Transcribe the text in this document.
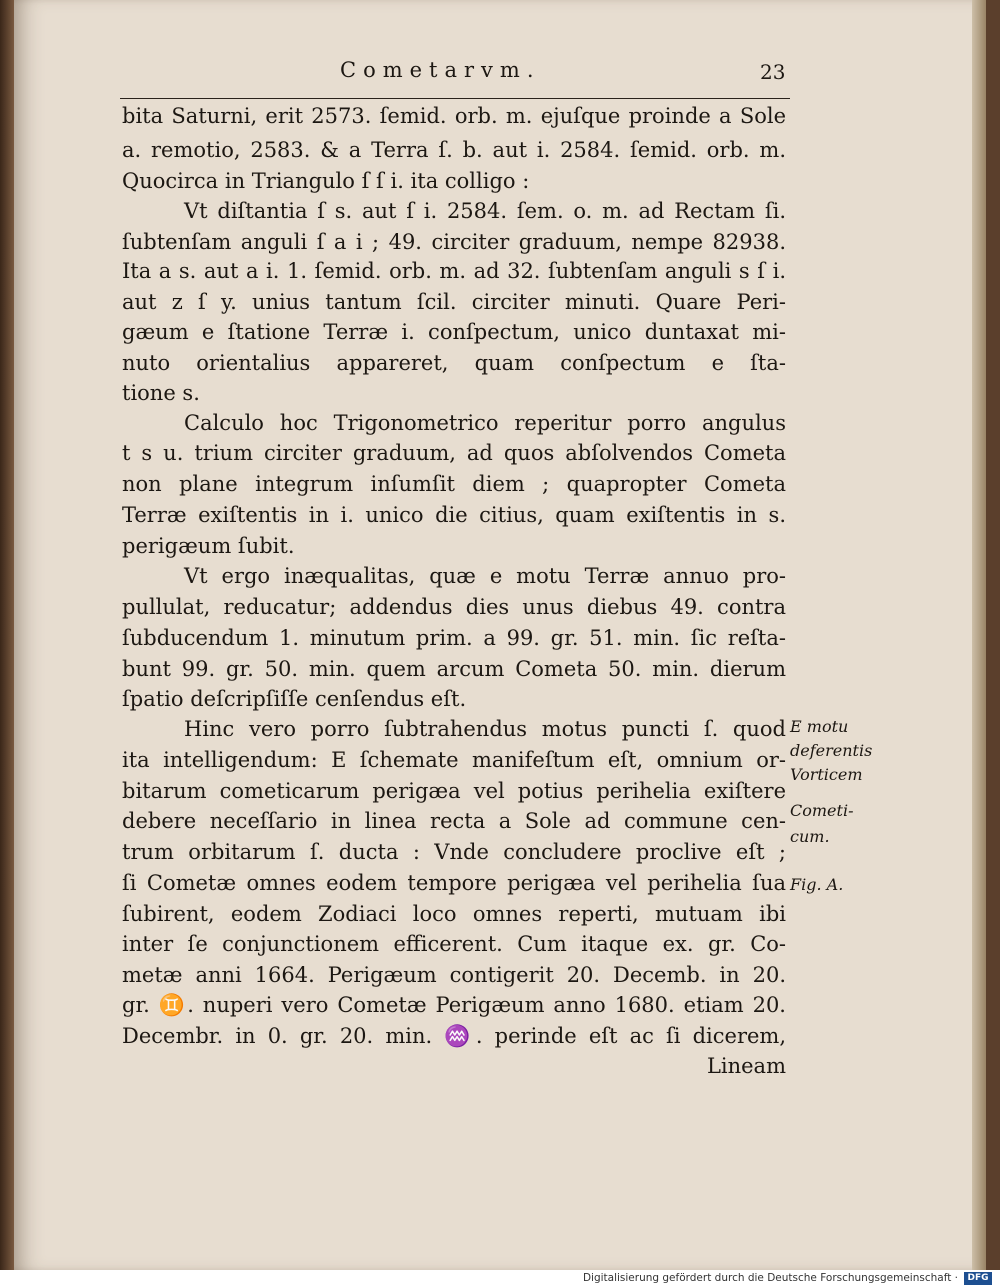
Cometarvm.	23
bita Saturni, erit 2573. ſemid. orb. m. ejuſque proinde a Sole
a. remotio, 2583. & a Terra ſ. b. aut i. 2584. ſemid. orb. m.
Quocirca in Triangulo ſ ſ i. ita colligo :
Vt diſtantia ſ s. aut ſ i. 2584. ſem. o. m. ad Rectam ſi.
ſubtenſam anguli ſ a i ; 49. circiter graduum, nempe 82938.
Ita a s. aut a i. 1. ſemid. orb. m. ad 32. ſubtenſam anguli s ſ i.
aut z ſ y. unius tantum ſcil. circiter minuti. Quare Peri-
gæum e ſtatione Terræ i. conſpectum, unico duntaxat mi-
nuto orientalius appareret, quam conſpectum e ſta-
tione s.
Calculo hoc Trigonometrico reperitur porro angulus
t s u. trium circiter graduum, ad quos abſolvendos Cometa
non plane integrum inſumſit diem ; quapropter Cometa
Terræ exiſtentis in i. unico die citius, quam exiſtentis in s.
perigæum ſubit.
Vt ergo inæqualitas, quæ e motu Terræ annuo pro-
pullulat, reducatur; addendus dies unus diebus 49. contra
ſubducendum 1. minutum prim. a 99. gr. 51. min. ſic reſta-
bunt 99. gr. 50. min. quem arcum Cometa 50. min. dierum
ſpatio deſcripſiſſe cenſendus eſt.
Hinc vero porro ſubtrahendus motus puncti ſ. quod
ita intelligendum: E ſchemate manifeſtum eſt, omnium or-
bitarum cometicarum perigæa vel potius perihelia exiſtere
debere neceſſario in linea recta a Sole ad commune cen-
trum orbitarum ſ. ducta : Vnde concludere proclive eſt ;
ſi Cometæ omnes eodem tempore perigæa vel perihelia ſua
ſubirent, eodem Zodiaci loco omnes reperti, mutuam ibi
inter ſe conjunctionem efficerent. Cum itaque ex. gr. Co-
metæ anni 1664. Perigæum contigerit 20. Decemb. in 20.
gr. ♊. nuperi vero Cometæ Perigæum anno 1680. etiam 20.
Decembr. in 0. gr. 20. min. ♒. perinde eſt ac ſi dicerem,
Lineam
E motu
deferentis
Vorticem
Cometi-
cum.
Fig. A.
Digitalisierung gefördert durch die Deutsche Forschungsgemeinschaft ·	DFG
